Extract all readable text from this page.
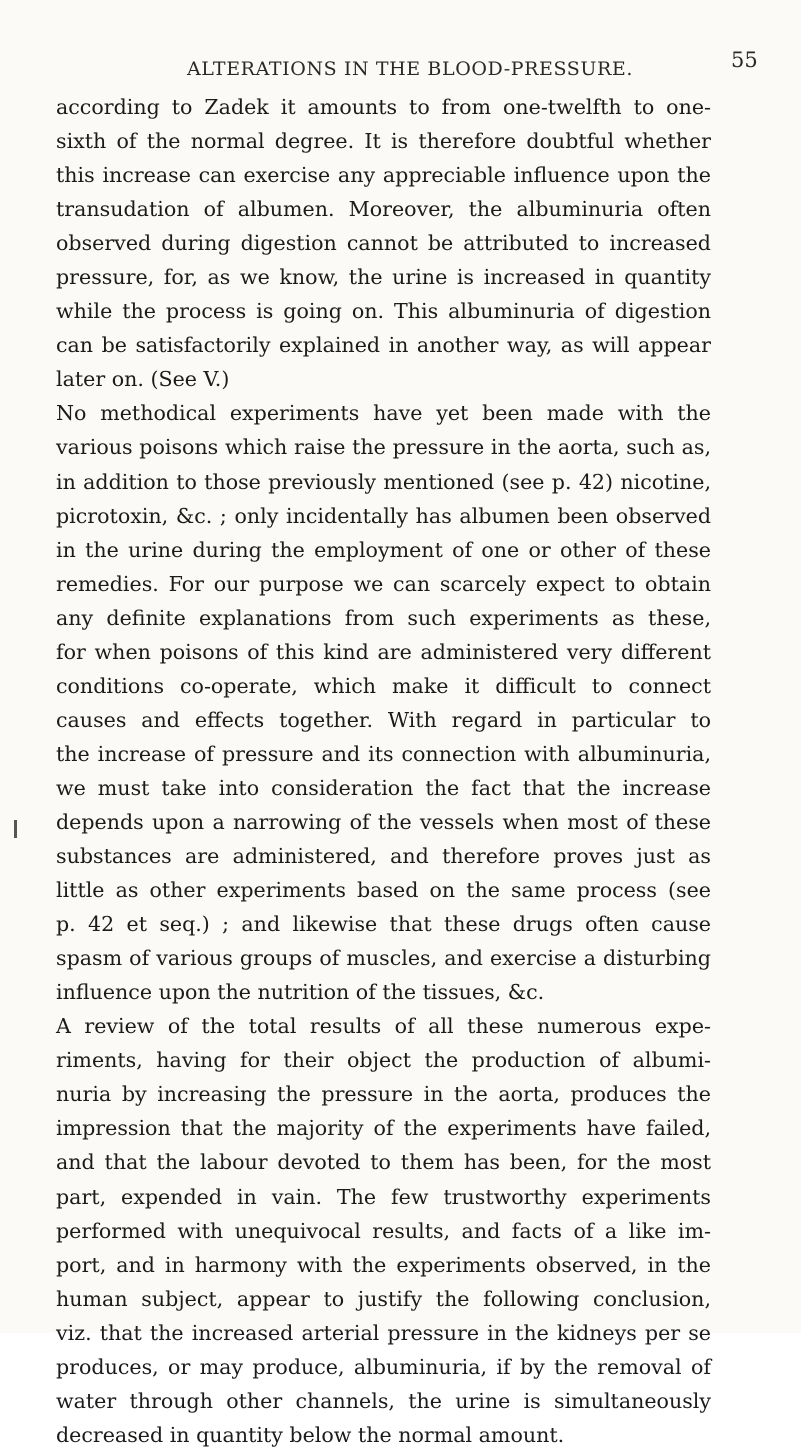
ALTERATIONS IN THE BLOOD-PRESSURE.	55
according to Zadek it amounts to from one-twelfth to one-
sixth of the normal degree. It is therefore doubtful whether
this increase can exercise any appreciable influence upon the
transudation of albumen. Moreover, the albuminuria often
observed during digestion cannot be attributed to increased
pressure, for, as we know, the urine is increased in quantity
while the process is going on. This albuminuria of digestion
can be satisfactorily explained in another way, as will appear
later on. (See V.)
No methodical experiments have yet been made with the
various poisons which raise the pressure in the aorta, such as,
in addition to those previously mentioned (see p. 42) nicotine,
picrotoxin, &c. ; only incidentally has albumen been observed
in the urine during the employment of one or other of these
remedies. For our purpose we can scarcely expect to obtain
any definite explanations from such experiments as these,
for when poisons of this kind are administered very different
conditions co-operate, which make it difficult to connect
causes and effects together. With regard in particular to
the increase of pressure and its connection with albuminuria,
we must take into consideration the fact that the increase
depends upon a narrowing of the vessels when most of these
substances are administered, and therefore proves just as
little as other experiments based on the same process (see
p. 42 et seq.) ; and likewise that these drugs often cause
spasm of various groups of muscles, and exercise a disturbing
influence upon the nutrition of the tissues, &c.
A review of the total results of all these numerous expe-
riments, having for their object the production of albumi-
nuria by increasing the pressure in the aorta, produces the
impression that the majority of the experiments have failed,
and that the labour devoted to them has been, for the most
part, expended in vain. The few trustworthy experiments
performed with unequivocal results, and facts of a like im-
port, and in harmony with the experiments observed, in the
human subject, appear to justify the following conclusion,
viz. that the increased arterial pressure in the kidneys per se
produces, or may produce, albuminuria, if by the removal of
water through other channels, the urine is simultaneously
decreased in quantity below the normal amount.
